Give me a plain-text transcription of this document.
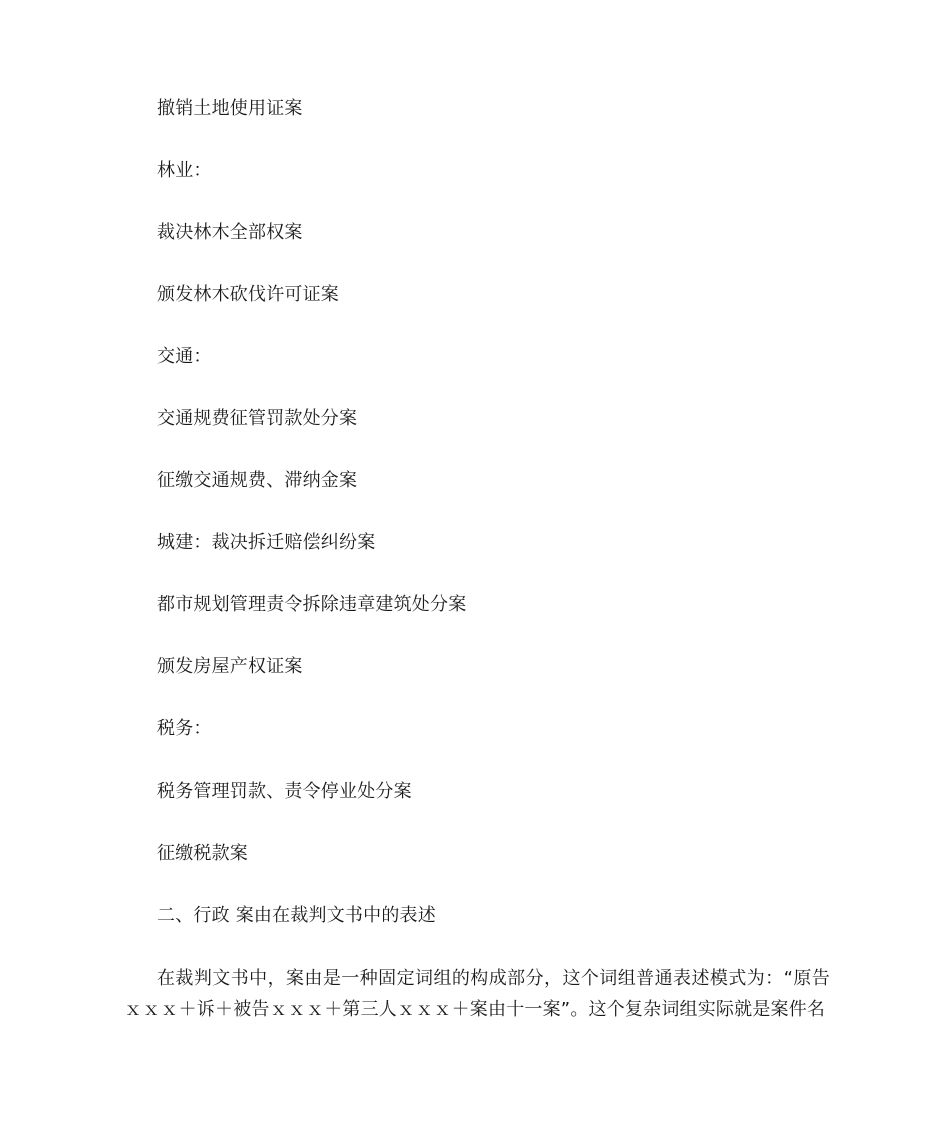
撤销土地使用证案
林业：
裁决林木全部权案
颁发林木砍伐许可证案
交通：
交通规费征管罚款处分案
征缴交通规费、滞纳金案
城建：裁决拆迁赔偿纠纷案
都市规划管理责令拆除违章建筑处分案
颁发房屋产权证案
税务：
税务管理罚款、责令停业处分案
征缴税款案
二、行政 案由在裁判文书中的表述
在裁判文书中，案由是一种固定词组的构成部分，这个词组普通表述模式为：“原告ｘｘｘ＋诉＋被告ｘｘｘ＋第三人ｘｘｘ＋案由十一案”。这个复杂词组实际就是案件名
